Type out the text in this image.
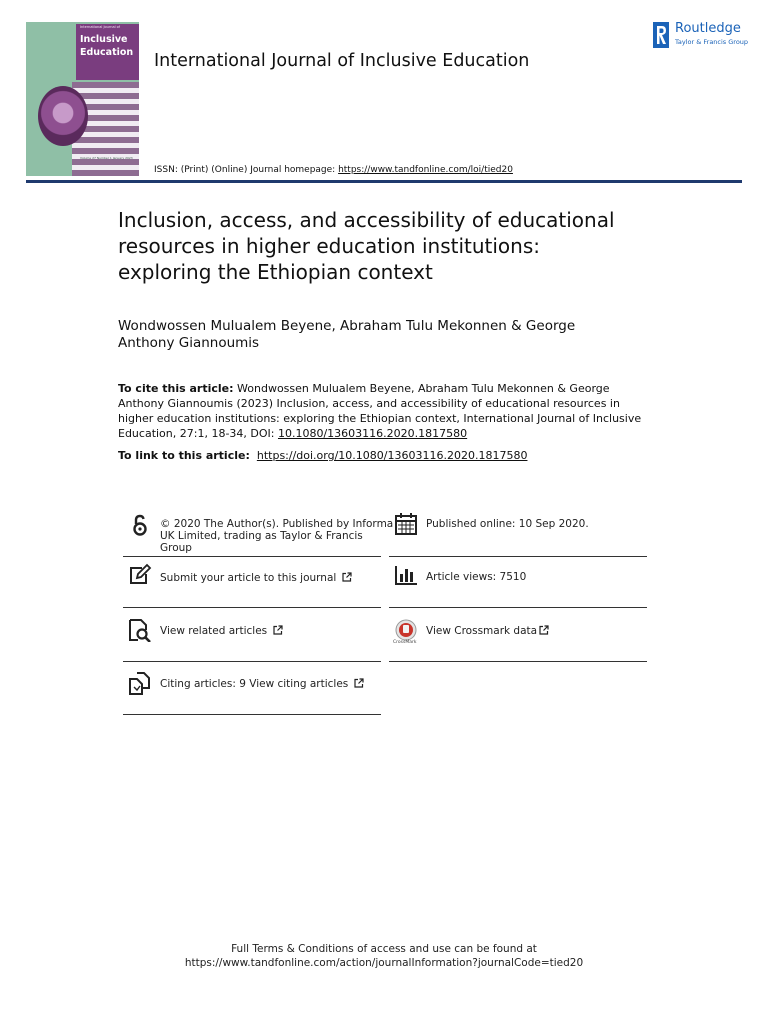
International Journal of
Inclusive
Education
Volume 27 Number 1 January 2023
International Journal of Inclusive Education
Routledge
Taylor & Francis Group
ISSN: (Print) (Online) Journal homepage: https://www.tandfonline.com/loi/tied20
Inclusion, access, and accessibility of educational
resources in higher education institutions:
exploring the Ethiopian context
Wondwossen Mulualem Beyene, Abraham Tulu Mekonnen & George
Anthony Giannoumis
To cite this article: Wondwossen Mulualem Beyene, Abraham Tulu Mekonnen & George
Anthony Giannoumis (2023) Inclusion, access, and accessibility of educational resources in
higher education institutions: exploring the Ethiopian context, International Journal of Inclusive
Education, 27:1, 18-34, DOI: 10.1080/13603116.2020.1817580
To link to this article: https://doi.org/10.1080/13603116.2020.1817580
© 2020 The Author(s). Published by Informa
UK Limited, trading as Taylor & Francis
Group
Published online: 10 Sep 2020.
Submit your article to this journal	Article views: 7510
View related articles
CrossMark
View Crossmark data
Citing articles: 9 View citing articles
Full Terms & Conditions of access and use can be found at
https://www.tandfonline.com/action/journalInformation?journalCode=tied20
